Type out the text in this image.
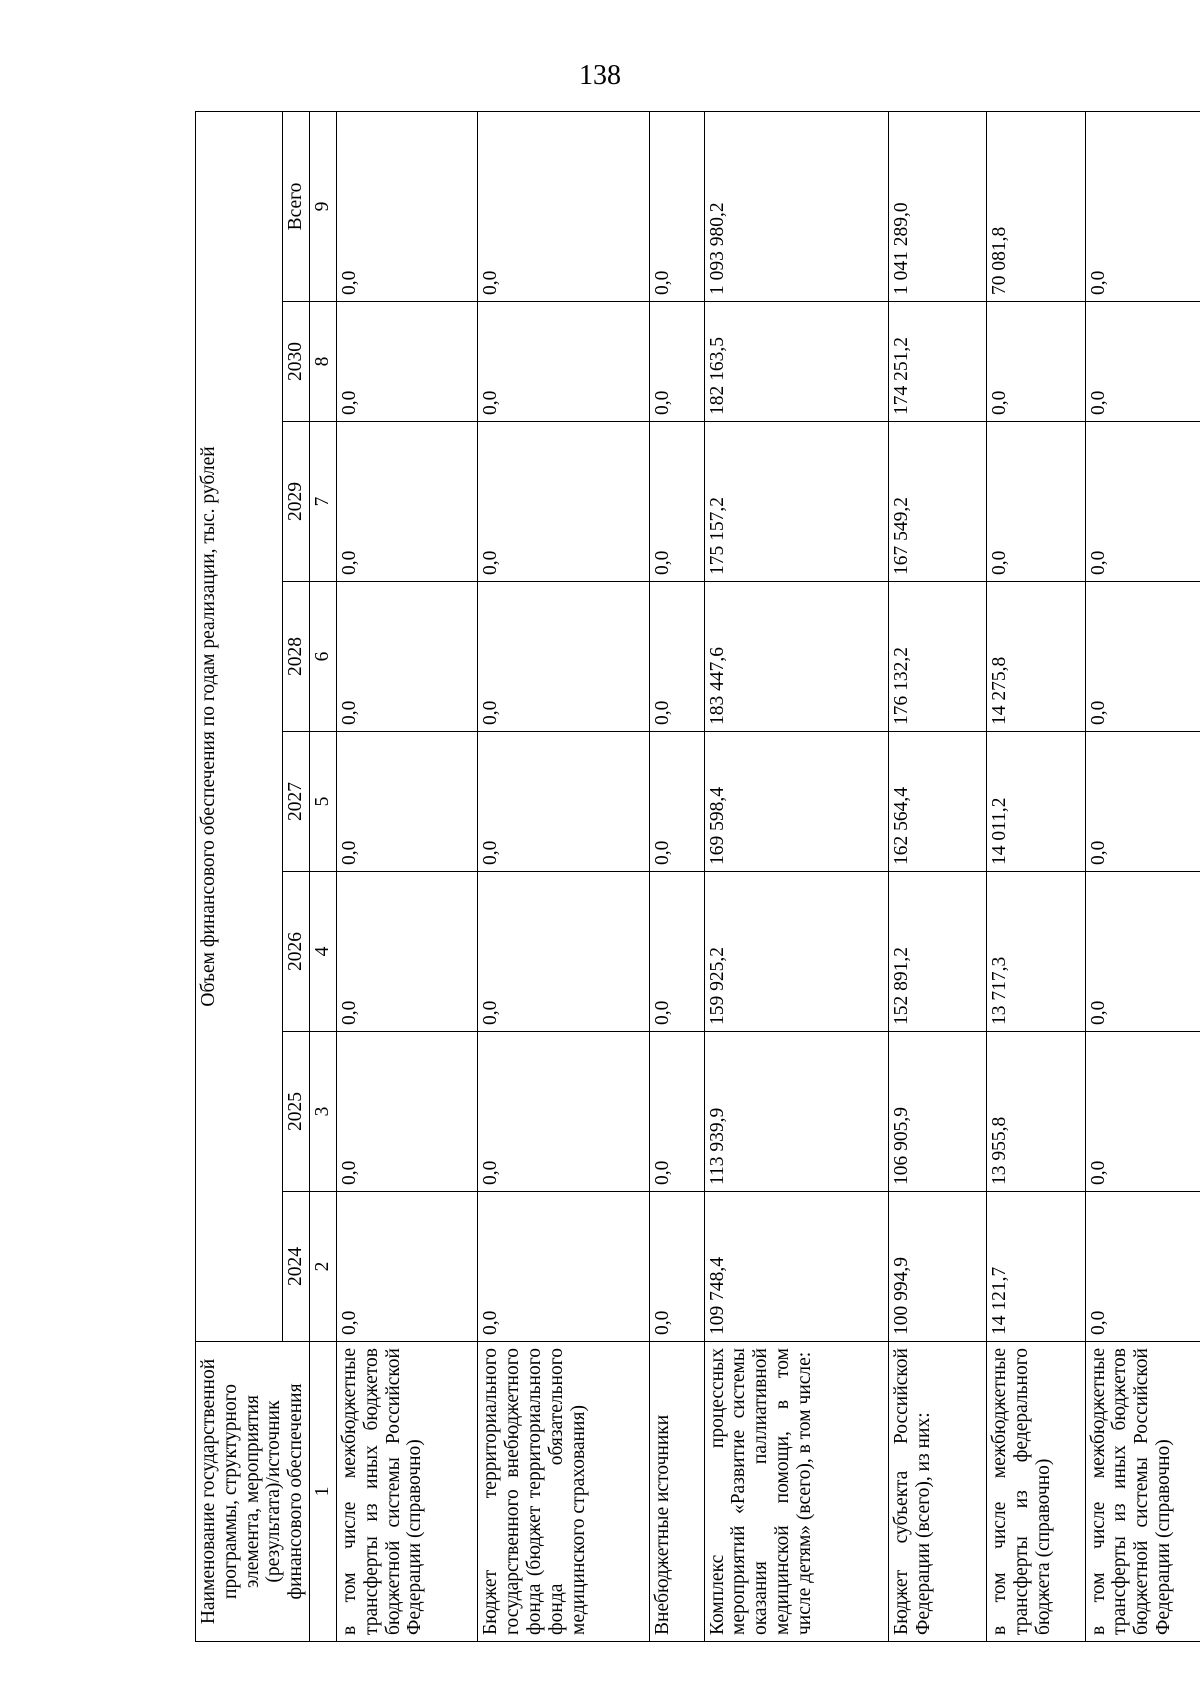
138
Наименование государственной программы, структурного элемента, мероприятия (результата)/источник финансового обеспечения	Объем финансового обеспечения по годам реализации, тыс. рублей							
	2024	2025	2026	2027	2028	2029	2030	Всего
1	2	3	4	5	6	7	8	9
в том числе межбюджетные трансферты из иных бюджетов бюджетной системы Российской Федерации (справочно)	0,0	0,0	0,0	0,0	0,0	0,0	0,0	0,0
Бюджет территориального государственного внебюджетного фонда (бюджет территориального фонда обязательного медицинского страхования)	0,0	0,0	0,0	0,0	0,0	0,0	0,0	0,0
Внебюджетные источники	0,0	0,0	0,0	0,0	0,0	0,0	0,0	0,0
Комплекс процессных мероприятий «Развитие системы оказания паллиативной медицинской помощи, в том числе детям» (всего), в том числе:	109 748,4	113 939,9	159 925,2	169 598,4	183 447,6	175 157,2	182 163,5	1 093 980,2
Бюджет субъекта Российской Федерации (всего), из них:	100 994,9	106 905,9	152 891,2	162 564,4	176 132,2	167 549,2	174 251,2	1 041 289,0
в том числе межбюджетные трансферты из федерального бюджета (справочно)	14 121,7	13 955,8	13 717,3	14 011,2	14 275,8	0,0	0,0	70 081,8
в том числе межбюджетные трансферты из иных бюджетов бюджетной системы Российской Федерации (справочно)	0,0	0,0	0,0	0,0	0,0	0,0	0,0	0,0
